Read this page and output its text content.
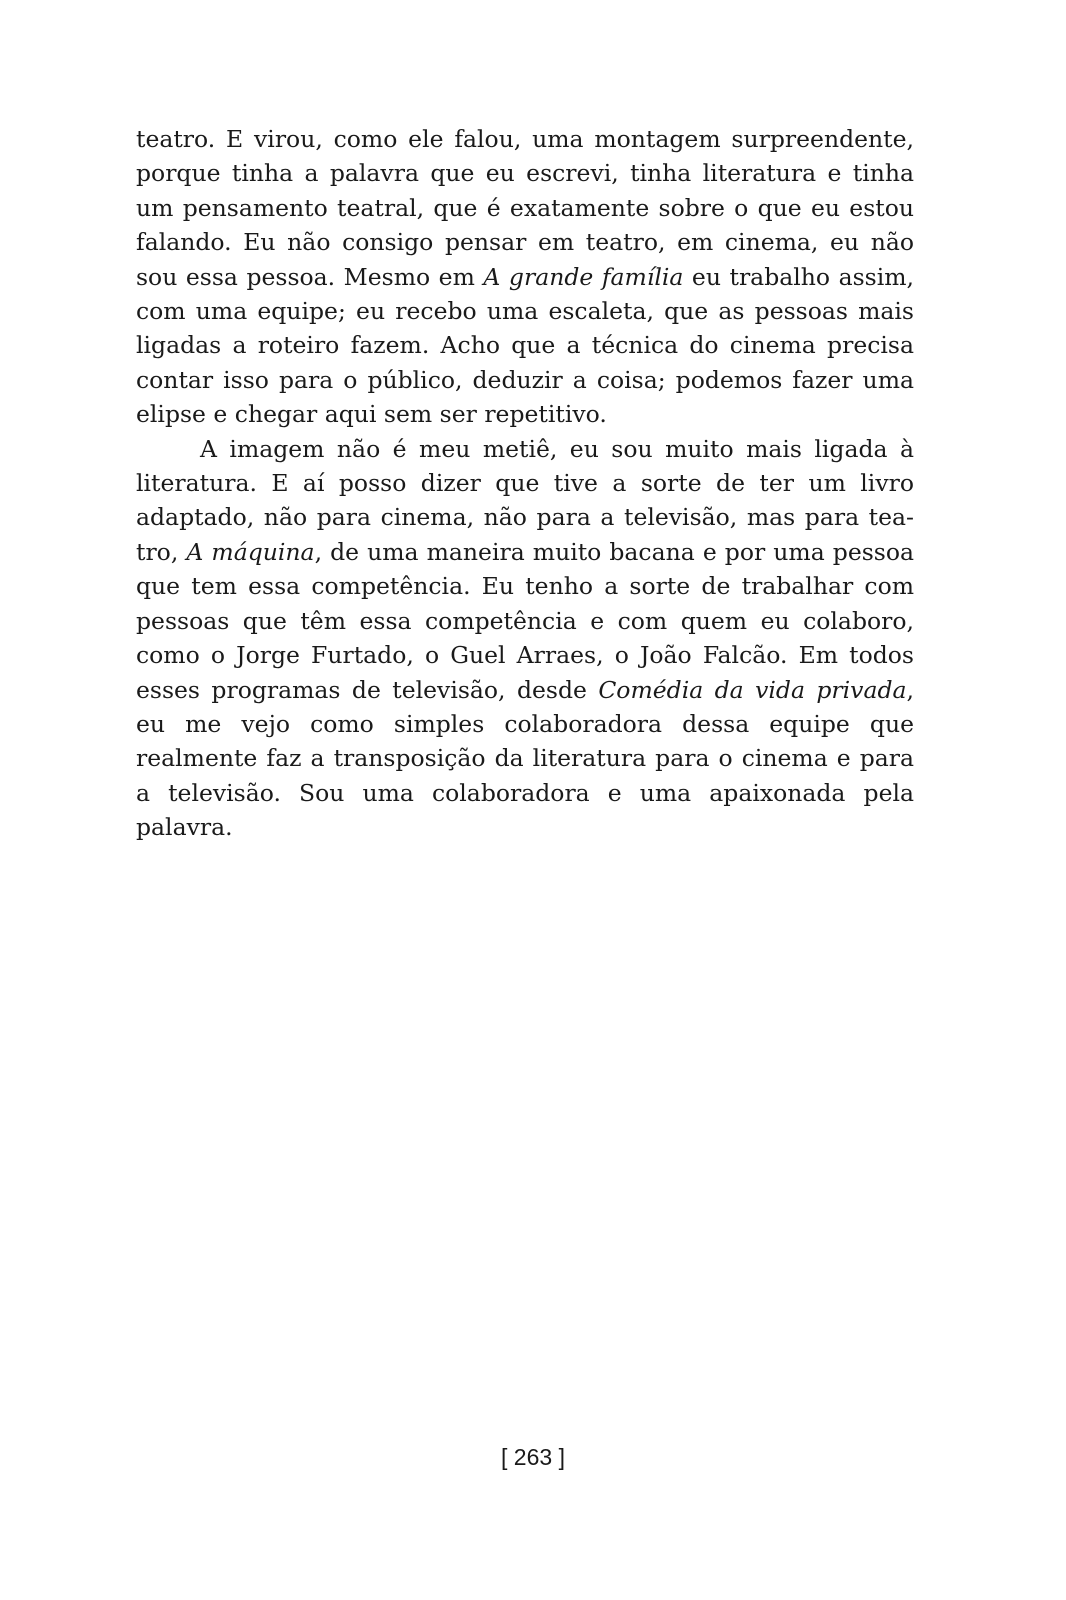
teatro. E virou, como ele falou, uma montagem surpreendente, porque tinha a palavra que eu escrevi, tinha literatura e tinha um pensamento teatral, que é exatamente sobre o que eu estou falando. Eu não consigo pensar em teatro, em cinema, eu não sou essa pessoa. Mesmo em A grande família eu trabalho assim, com uma equipe; eu recebo uma escaleta, que as pessoas mais ligadas a roteiro fazem. Acho que a técnica do cinema precisa contar isso para o público, deduzir a coisa; podemos fazer uma elipse e chegar aqui sem ser repetitivo.

A imagem não é meu metiê, eu sou muito mais ligada à literatura. E aí posso dizer que tive a sorte de ter um livro adaptado, não para cinema, não para a televisão, mas para teatro, A máquina, de uma maneira muito bacana e por uma pessoa que tem essa competência. Eu tenho a sorte de trabalhar com pessoas que têm essa competência e com quem eu colaboro, como o Jorge Furtado, o Guel Arraes, o João Falcão. Em todos esses programas de televisão, desde Comédia da vida privada, eu me vejo como simples colaboradora dessa equipe que realmente faz a transposição da literatura para o cinema e para a televisão. Sou uma colaboradora e uma apaixonada pela palavra.

[ 263 ]
